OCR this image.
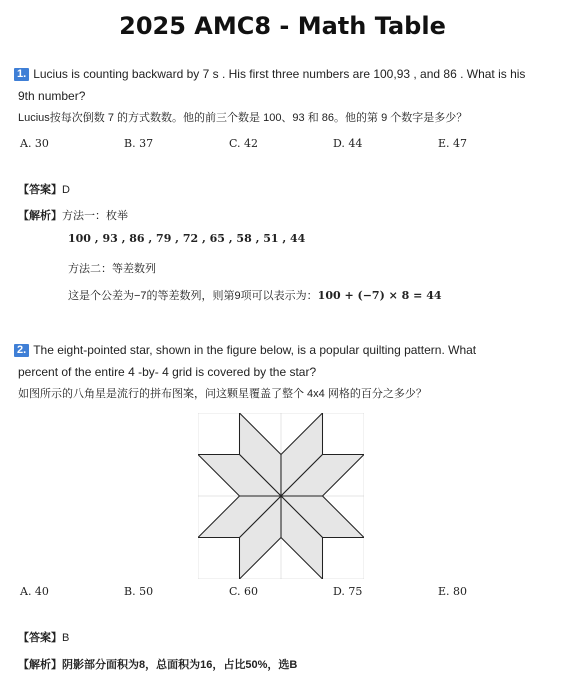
2025 AMC8 - Math Table
1. Lucius is counting backward by 7 s . His first three numbers are 100,93 , and 86 . What is his
9th number?
Lucius按每次倒数 7 的方式数数。他的前三个数是 100、93 和 86。他的第 9 个数字是多少？
A. 30	B. 37	C. 42	D. 44	E. 47
【答案】D
【解析】方法一：枚举
100 , 93 , 86 , 79 , 72 , 65 , 58 , 51 , 44
方法二：等差数列
这是个公差为−7的等差数列，则第9项可以表示为：100 + (−7) × 8 = 44
2. The eight-pointed star, shown in the figure below, is a popular quilting pattern. What
percent of the entire 4 -by- 4 grid is covered by the star?
如图所示的八角星是流行的拼布图案，问这颗星覆盖了整个 4x4 网格的百分之多少？
A. 40	B. 50	C. 60	D. 75	E. 80
【答案】B
【解析】阴影部分面积为8，总面积为16，占比50%，选B
